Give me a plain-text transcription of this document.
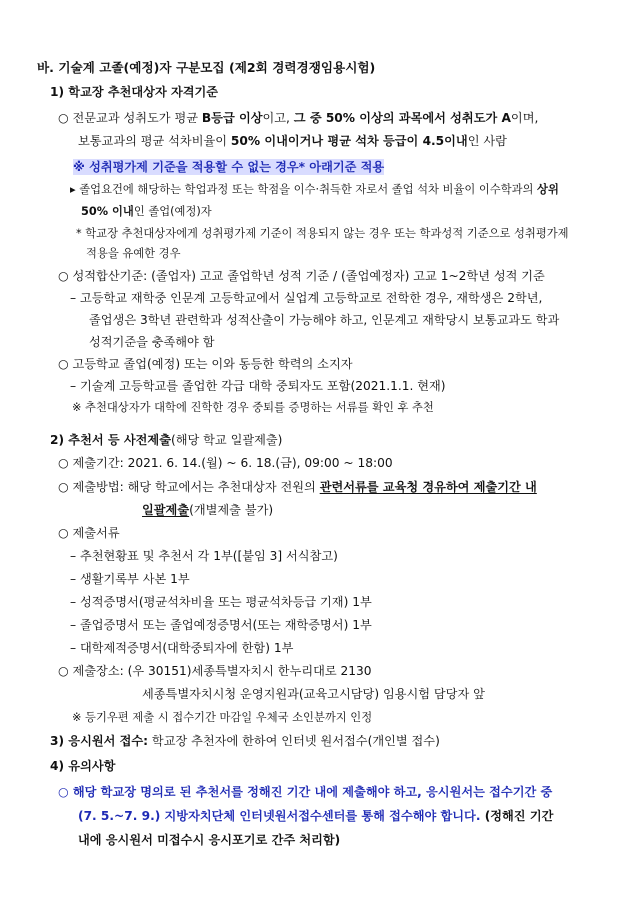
바. 기술계 고졸(예정)자 구분모집 (제2회 경력경쟁임용시험)
1) 학교장 추천대상자 자격기준
○ 전문교과 성취도가 평균 B등급 이상이고, 그 중 50% 이상의 과목에서 성취도가 A이며,
보통교과의 평균 석차비율이 50% 이내이거나 평균 석차 등급이 4.5이내인 사람
※ 성취평가제 기준을 적용할 수 없는 경우* 아래기준 적용
▸ 졸업요건에 해당하는 학업과정 또는 학점을 이수·취득한 자로서 졸업 석차 비율이 이수학과의 상위
50% 이내인 졸업(예정)자
* 학교장 추천대상자에게 성취평가제 기준이 적용되지 않는 경우 또는 학과성적 기준으로 성취평가제
적용을 유예한 경우
○ 성적합산기준: (졸업자) 고교 졸업학년 성적 기준 / (졸업예정자) 고교 1~2학년 성적 기준
– 고등학교 재학중 인문계 고등학교에서 실업계 고등학교로 전학한 경우, 재학생은 2학년,
졸업생은 3학년 관련학과 성적산출이 가능해야 하고, 인문계고 재학당시 보통교과도 학과
성적기준을 충족해야 함
○ 고등학교 졸업(예정) 또는 이와 동등한 학력의 소지자
– 기술계 고등학교를 졸업한 각급 대학 중퇴자도 포함(2021.1.1. 현재)
※ 추천대상자가 대학에 진학한 경우 중퇴를 증명하는 서류를 확인 후 추천
2) 추천서 등 사전제출(해당 학교 일괄제출)
○ 제출기간: 2021. 6. 14.(월) ~ 6. 18.(금), 09:00 ~ 18:00
○ 제출방법: 해당 학교에서는 추천대상자 전원의 관련서류를 교육청 경유하여 제출기간 내
일괄제출(개별제출 불가)
○ 제출서류
– 추천현황표 및 추천서 각 1부([붙임 3] 서식참고)
– 생활기록부 사본 1부
– 성적증명서(평균석차비율 또는 평균석차등급 기재) 1부
– 졸업증명서 또는 졸업예정증명서(또는 재학증명서) 1부
– 대학제적증명서(대학중퇴자에 한함) 1부
○ 제출장소: (우 30151)세종특별자치시 한누리대로 2130
세종특별자치시청 운영지원과(교육고시담당) 임용시험 담당자 앞
※ 등기우편 제출 시 접수기간 마감일 우체국 소인분까지 인정
3) 응시원서 접수: 학교장 추천자에 한하여 인터넷 원서접수(개인별 접수)
4) 유의사항
○ 해당 학교장 명의로 된 추천서를 정해진 기간 내에 제출해야 하고, 응시원서는 접수기간 중
(7. 5.~7. 9.) 지방자치단체 인터넷원서접수센터를 통해 접수해야 합니다. (정해진 기간
내에 응시원서 미접수시 응시포기로 간주 처리함)
